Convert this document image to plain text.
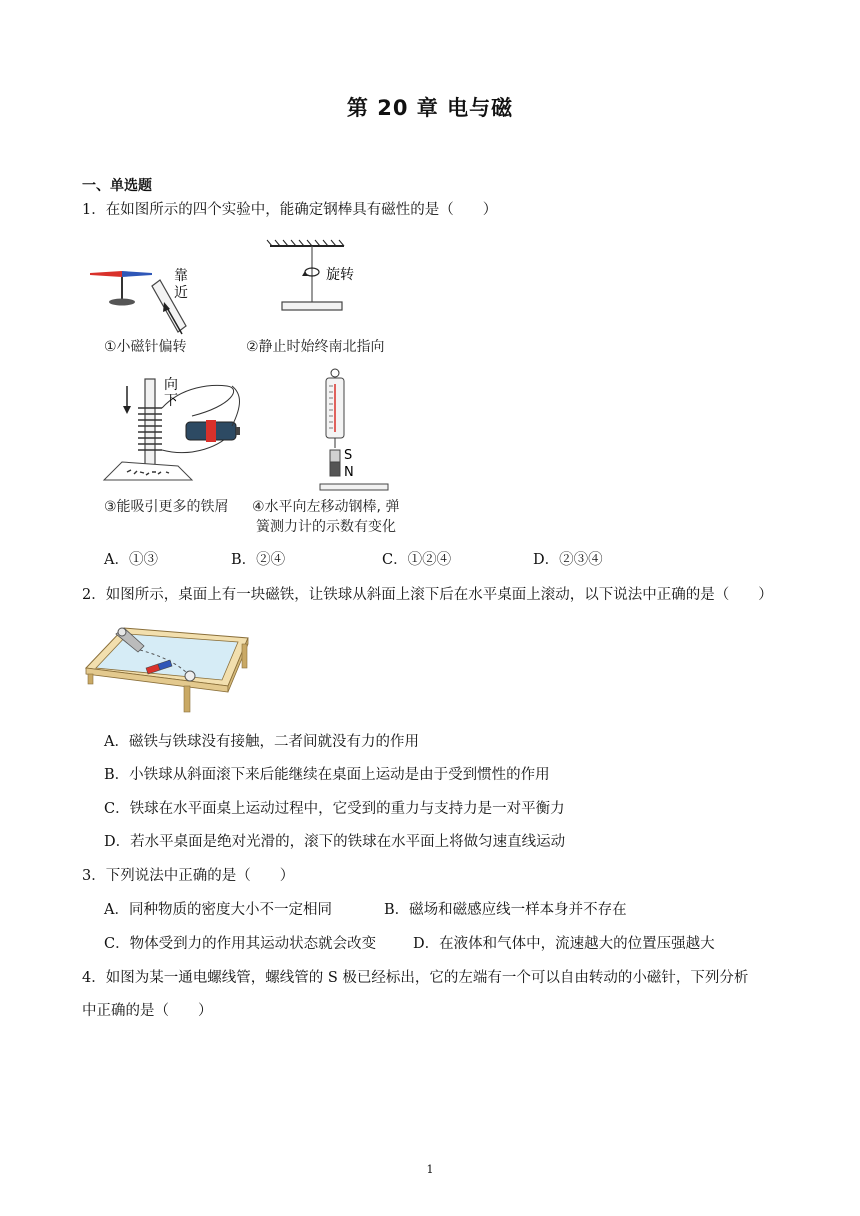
第 20 章 电与磁
一、单选题
1．在如图所示的四个实验中，能确定钢棒具有磁性的是（　　）
靠
近
旋转
向
下
S
N
①小磁针偏转	②静止时始终南北指向
③能吸引更多的铁屑 ④水平向左移动钢棒, 弹
簧测力计的示数有变化
A．①③	B．②④	C．①②④	D．②③④
2．如图所示，桌面上有一块磁铁，让铁球从斜面上滚下后在水平桌面上滚动，以下说法中正确的是（　　）
A．磁铁与铁球没有接触，二者间就没有力的作用
B．小铁球从斜面滚下来后能继续在桌面上运动是由于受到惯性的作用
C．铁球在水平面桌上运动过程中，它受到的重力与支持力是一对平衡力
D．若水平桌面是绝对光滑的，滚下的铁球在水平面上将做匀速直线运动
3．下列说法中正确的是（　　）
A．同种物质的密度大小不一定相同	B．磁场和磁感应线一样本身并不存在
C．物体受到力的作用其运动状态就会改变	D．在液体和气体中，流速越大的位置压强越大
4．如图为某一通电螺线管，螺线管的 S 极已经标出，它的左端有一个可以自由转动的小磁针，下列分析
中正确的是（　　）
1
